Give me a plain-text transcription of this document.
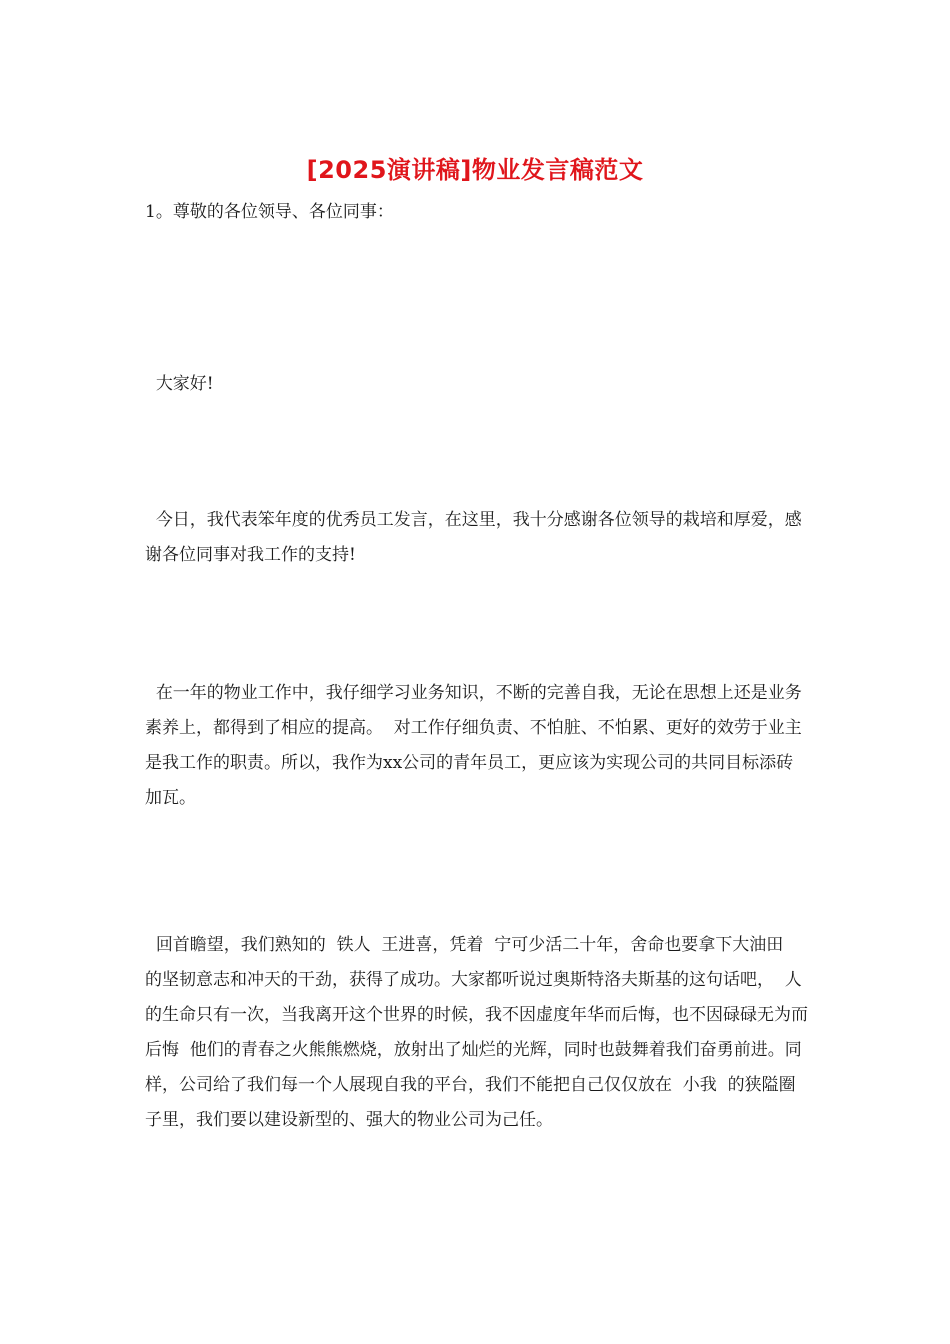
[2025演讲稿]物业发言稿范文

1。尊敬的各位领导、各位同事：

大家好!

今日，我代表笨年度的优秀员工发言，在这里，我十分感谢各位领导的栽培和厚爱，感谢各位同事对我工作的支持!

在一年的物业工作中，我仔细学习业务知识，不断的完善自我，无论在思想上还是业务素养上，都得到了相应的提高。  对工作仔细负责、不怕脏、不怕累、更好的效劳于业主  是我工作的职责。所以，我作为xx公司的青年员工，更应该为实现公司的共同目标添砖加瓦。

回首瞻望，我们熟知的  铁人  王进喜，凭着  宁可少活二十年，舍命也要拿下大油田  的坚韧意志和冲天的干劲，获得了成功。大家都听说过奥斯特洛夫斯基的这句话吧，  人的生命只有一次，当我离开这个世界的时候，我不因虚度年华而后悔，也不因碌碌无为而后悔  他们的青春之火熊熊燃烧，放射出了灿烂的光辉，同时也鼓舞着我们奋勇前进。同样，公司给了我们每一个人展现自我的平台，我们不能把自己仅仅放在  小我  的狭隘圈子里，我们要以建设新型的、强大的物业公司为己任。
